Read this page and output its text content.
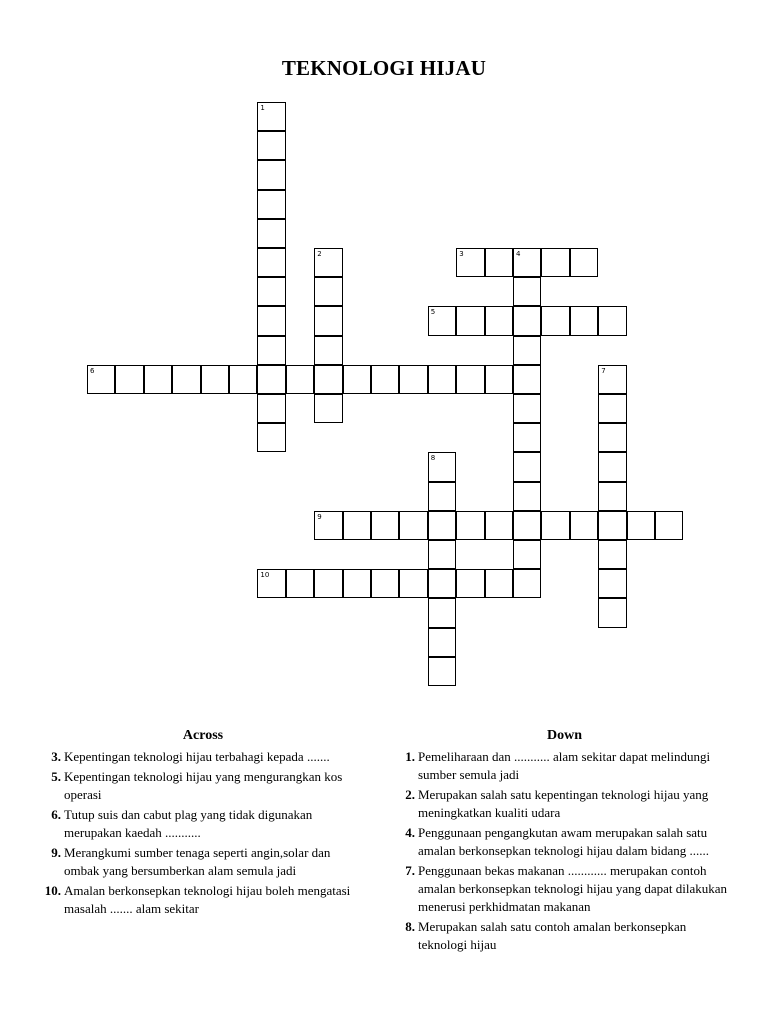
TEKNOLOGI HIJAU
1
2	3	4
5
6	7
8
9
10
Across
3. Kepentingan teknologi hijau terbahagi kepada .......
5. Kepentingan teknologi hijau yang mengurangkan kos operasi
6. Tutup suis dan cabut plag yang tidak digunakan merupakan kaedah ...........
9. Merangkumi sumber tenaga seperti angin,solar dan ombak yang bersumberkan alam semula jadi
10. Amalan berkonsepkan teknologi hijau boleh mengatasi masalah ....... alam sekitar
Down
1. Pemeliharaan dan ........... alam sekitar dapat melindungi sumber semula jadi
2. Merupakan salah satu kepentingan teknologi hijau yang meningkatkan kualiti udara
4. Penggunaan pengangkutan awam merupakan salah satu amalan berkonsepkan teknologi hijau dalam bidang ......
7. Penggunaan bekas makanan ............ merupakan contoh amalan berkonsepkan teknologi hijau yang dapat dilakukan menerusi perkhidmatan makanan
8. Merupakan salah satu contoh amalan berkonsepkan teknologi hijau
